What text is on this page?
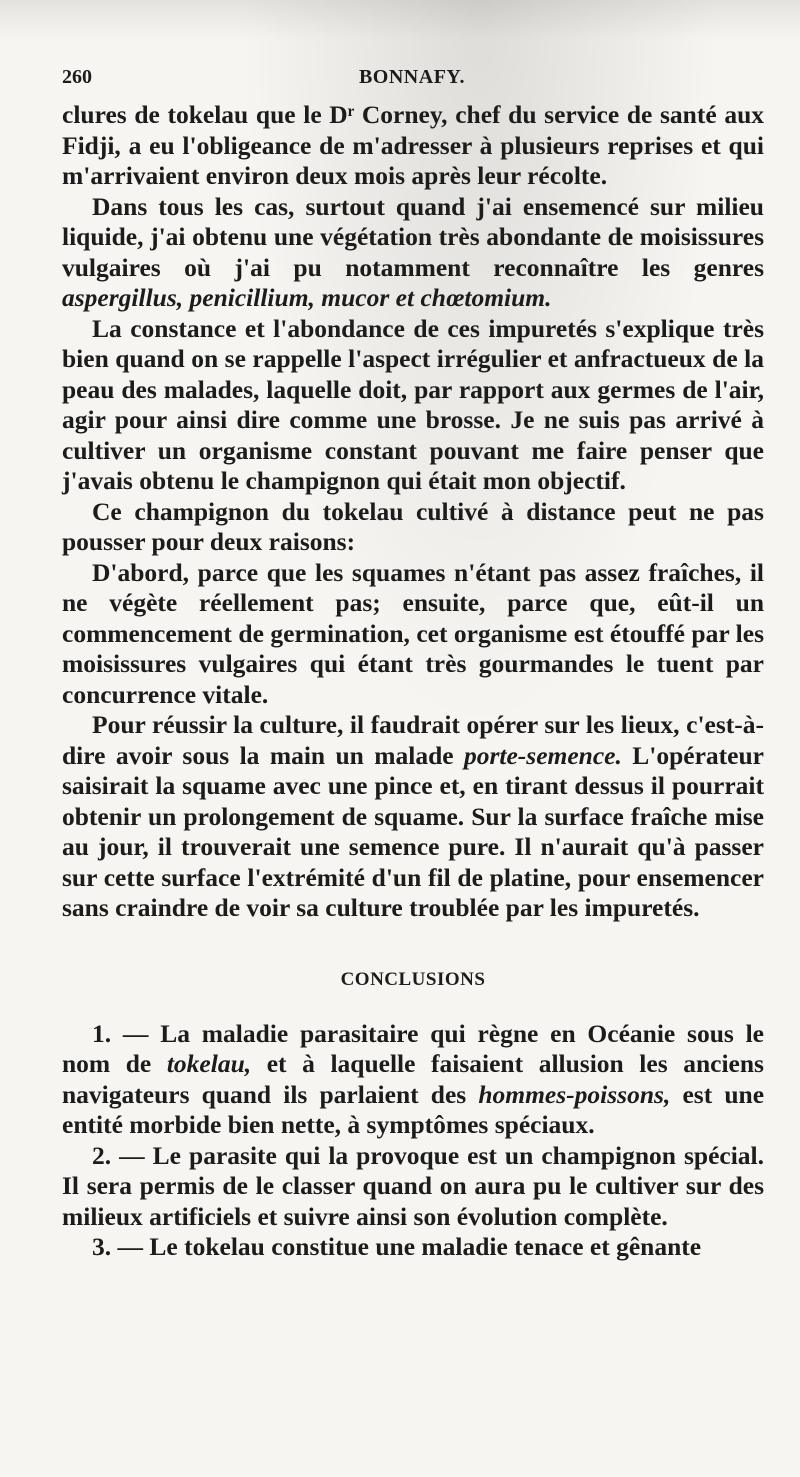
260	BONNAFY.

clures de tokelau que le Dʳ Corney, chef du service de santé aux Fidji, a eu l'obligeance de m'adresser à plusieurs reprises et qui m'arrivaient environ deux mois après leur récolte.

Dans tous les cas, surtout quand j'ai ensemencé sur milieu liquide, j'ai obtenu une végétation très abondante de moisissures vulgaires où j'ai pu notamment reconnaître les genres aspergillus, penicillium, mucor et chœtomium.

La constance et l'abondance de ces impuretés s'explique très bien quand on se rappelle l'aspect irrégulier et anfractueux de la peau des malades, laquelle doit, par rapport aux germes de l'air, agir pour ainsi dire comme une brosse. Je ne suis pas arrivé à cultiver un organisme constant pouvant me faire penser que j'avais obtenu le champignon qui était mon objectif.

Ce champignon du tokelau cultivé à distance peut ne pas pousser pour deux raisons:

D'abord, parce que les squames n'étant pas assez fraîches, il ne végète réellement pas; ensuite, parce que, eût-il un commencement de germination, cet organisme est étouffé par les moisissures vulgaires qui étant très gourmandes le tuent par concurrence vitale.

Pour réussir la culture, il faudrait opérer sur les lieux, c'est-à-dire avoir sous la main un malade porte-semence. L'opérateur saisirait la squame avec une pince et, en tirant dessus il pourrait obtenir un prolongement de squame. Sur la surface fraîche mise au jour, il trouverait une semence pure. Il n'aurait qu'à passer sur cette surface l'extrémité d'un fil de platine, pour ensemencer sans craindre de voir sa culture troublée par les impuretés.

CONCLUSIONS

1. — La maladie parasitaire qui règne en Océanie sous le nom de tokelau, et à laquelle faisaient allusion les anciens navigateurs quand ils parlaient des hommes-poissons, est une entité morbide bien nette, à symptômes spéciaux.

2. — Le parasite qui la provoque est un champignon spécial. Il sera permis de le classer quand on aura pu le cultiver sur des milieux artificiels et suivre ainsi son évolution complète.

3. — Le tokelau constitue une maladie tenace et gênante
